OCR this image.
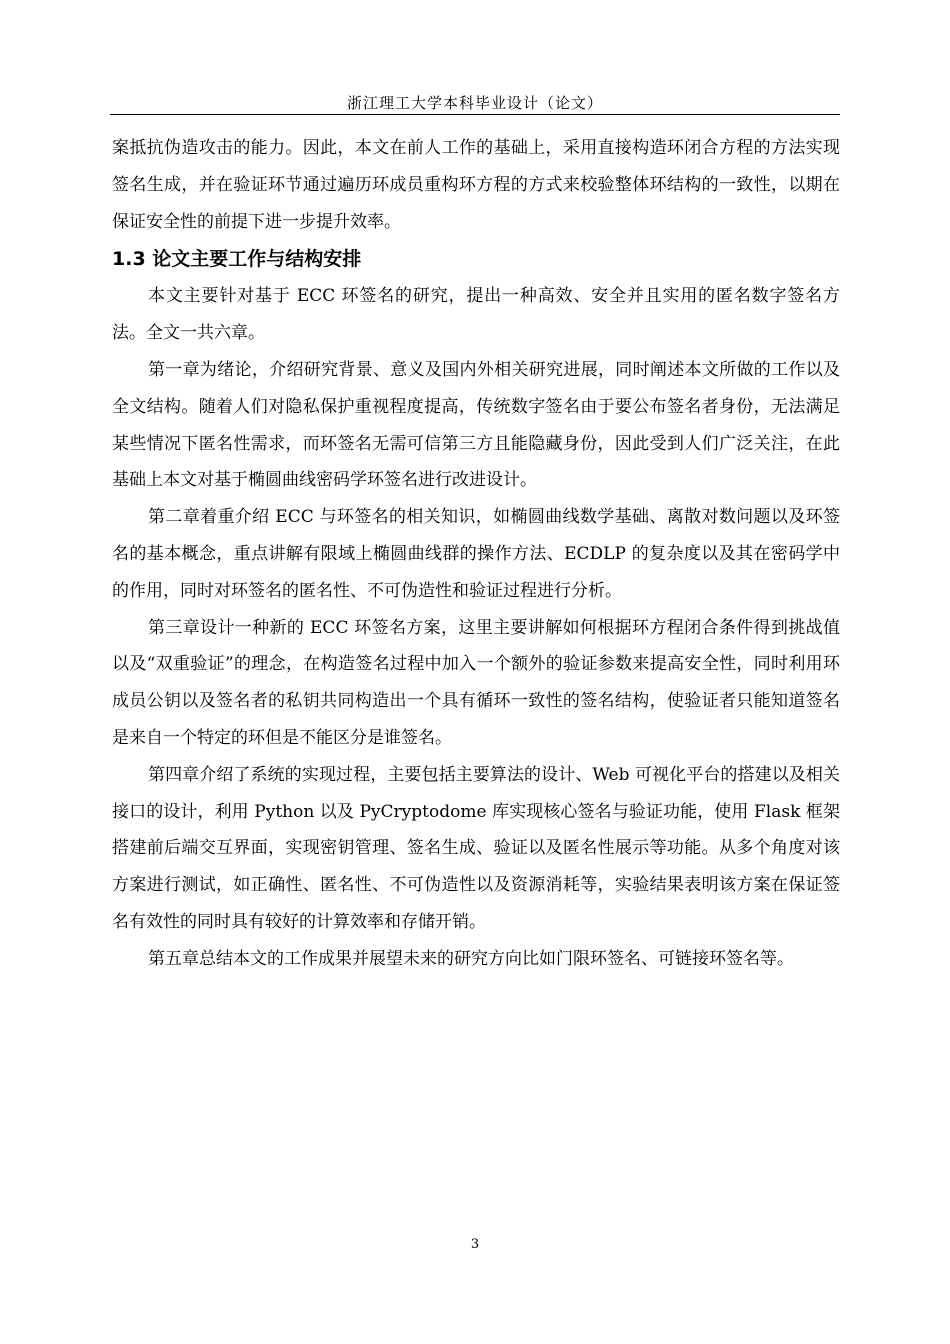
浙江理工大学本科毕业设计（论文）

案抵抗伪造攻击的能力。因此，本文在前人工作的基础上，采用直接构造环闭合方程的方法实现签名生成，并在验证环节通过遍历环成员重构环方程的方式来校验整体环结构的一致性，以期在保证安全性的前提下进一步提升效率。

1.3 论文主要工作与结构安排

本文主要针对基于 ECC 环签名的研究，提出一种高效、安全并且实用的匿名数字签名方法。全文一共六章。

第一章为绪论，介绍研究背景、意义及国内外相关研究进展，同时阐述本文所做的工作以及全文结构。随着人们对隐私保护重视程度提高，传统数字签名由于要公布签名者身份，无法满足某些情况下匿名性需求，而环签名无需可信第三方且能隐藏身份，因此受到人们广泛关注，在此基础上本文对基于椭圆曲线密码学环签名进行改进设计。

第二章着重介绍 ECC 与环签名的相关知识，如椭圆曲线数学基础、离散对数问题以及环签名的基本概念，重点讲解有限域上椭圆曲线群的操作方法、ECDLP 的复杂度以及其在密码学中的作用，同时对环签名的匿名性、不可伪造性和验证过程进行分析。

第三章设计一种新的 ECC 环签名方案，这里主要讲解如何根据环方程闭合条件得到挑战值以及“双重验证”的理念，在构造签名过程中加入一个额外的验证参数来提高安全性，同时利用环成员公钥以及签名者的私钥共同构造出一个具有循环一致性的签名结构，使验证者只能知道签名是来自一个特定的环但是不能区分是谁签名。

第四章介绍了系统的实现过程，主要包括主要算法的设计、Web 可视化平台的搭建以及相关接口的设计，利用 Python 以及 PyCryptodome 库实现核心签名与验证功能，使用 Flask 框架搭建前后端交互界面，实现密钥管理、签名生成、验证以及匿名性展示等功能。从多个角度对该方案进行测试，如正确性、匿名性、不可伪造性以及资源消耗等，实验结果表明该方案在保证签名有效性的同时具有较好的计算效率和存储开销。

第五章总结本文的工作成果并展望未来的研究方向比如门限环签名、可链接环签名等。

3
